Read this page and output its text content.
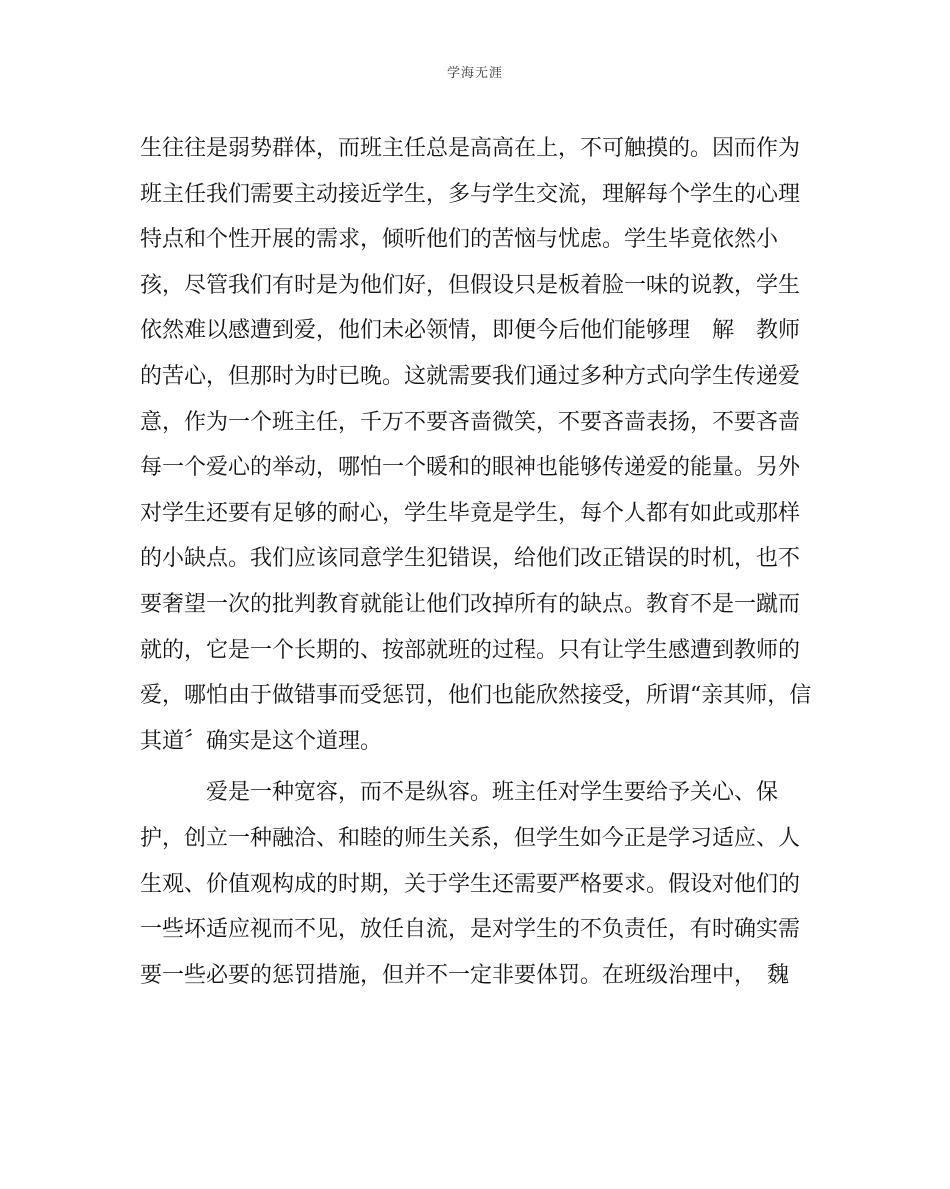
学海无涯
生往往是弱势群体，而班主任总是高高在上，不可触摸的。因而作为
班主任我们需要主动接近学生，多与学生交流，理解每个学生的心理
特点和个性开展的需求，倾听他们的苦恼与忧虑。学生毕竟依然小
孩，尽管我们有时是为他们好，但假设只是板着脸一味的说教，学生
依然难以感遭到爱，他们未必领情，即便今后他们能够理　解　教师
的苦心，但那时为时已晚。这就需要我们通过多种方式向学生传递爱
意，作为一个班主任，千万不要吝啬微笑，不要吝啬表扬，不要吝啬
每一个爱心的举动，哪怕一个暖和的眼神也能够传递爱的能量。另外
对学生还要有足够的耐心，学生毕竟是学生，每个人都有如此或那样
的小缺点。我们应该同意学生犯错误，给他们改正错误的时机，也不
要奢望一次的批判教育就能让他们改掉所有的缺点。教育不是一蹴而
就的，它是一个长期的、按部就班的过程。只有让学生感遭到教师的
爱，哪怕由于做错事而受惩罚，他们也能欣然接受，所谓“亲其师，信
其道〞确实是这个道理。
　　　爱是一种宽容，而不是纵容。班主任对学生要给予关心、保
护，创立一种融洽、和睦的师生关系，但学生如今正是学习适应、人
生观、价值观构成的时期，关于学生还需要严格要求。假设对他们的
一些坏适应视而不见，放任自流，是对学生的不负责任，有时确实需
要一些必要的惩罚措施，但并不一定非要体罚。在班级治理中，　魏
